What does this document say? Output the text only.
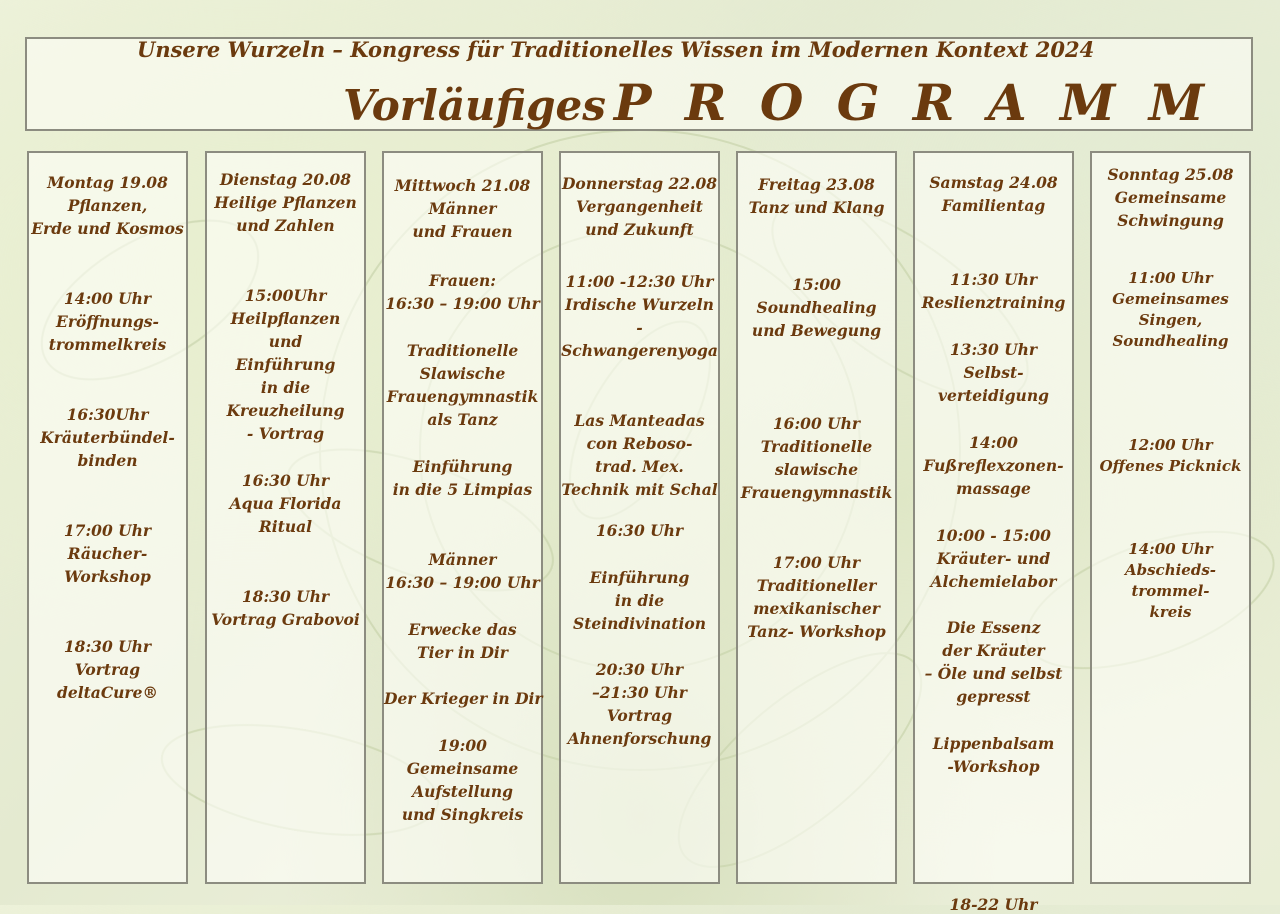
Unsere Wurzeln – Kongress für Traditionelles Wissen im Modernen Kontext 2024
Vorläufiges P R O G R A M M
Montag 19.08
Pflanzen,
Erde und Kosmos
14:00 Uhr
Eröffnungs-
trommelkreis
16:30Uhr
Kräuterbündel-
binden
17:00 Uhr
Räucher-
Workshop
18:30 Uhr
Vortrag
deltaCure®
Dienstag 20.08
Heilige Pflanzen
und Zahlen
15:00Uhr
Heilpflanzen
und
Einführung
in die
Kreuzheilung
- Vortrag
16:30 Uhr
Aqua Florida
Ritual
18:30 Uhr
Vortrag Grabovoi
Mittwoch 21.08
Männer
und Frauen
Frauen:
16:30 – 19:00 Uhr
Traditionelle
Slawische
Frauengymnastik
als Tanz
Einführung
in die 5 Limpias
Männer
16:30 – 19:00 Uhr
Erwecke das
Tier in Dir
Der Krieger in Dir
19:00
Gemeinsame
Aufstellung
und Singkreis
Donnerstag 22.08
Vergangenheit
und Zukunft
11:00 -12:30 Uhr
Irdische Wurzeln
-
Schwangerenyoga
Las Manteadas
con Reboso-
trad. Mex.
Technik mit Schal
16:30 Uhr
Einführung
in die
Steindivination
20:30 Uhr
–21:30 Uhr
Vortrag
Ahnenforschung
Freitag 23.08
Tanz und Klang
15:00
Soundhealing
und Bewegung
16:00 Uhr
Traditionelle
slawische
Frauengymnastik
17:00 Uhr
Traditioneller
mexikanischer
Tanz- Workshop
Samstag 24.08
Familientag
11:30 Uhr
Reslienztraining
13:30 Uhr
Selbst-
verteidigung
14:00
Fußreflexzonen-
massage
10:00 - 15:00
Kräuter- und
Alchemielabor
Die Essenz
der Kräuter
– Öle und selbst
gepresst
Lippenbalsam
-Workshop
Sonntag 25.08
Gemeinsame
Schwingung
11:00 Uhr
Gemeinsames
Singen,
Soundhealing
12:00 Uhr
Offenes Picknick
14:00 Uhr
Abschieds-
trommel-
kreis
18-22 Uhr
